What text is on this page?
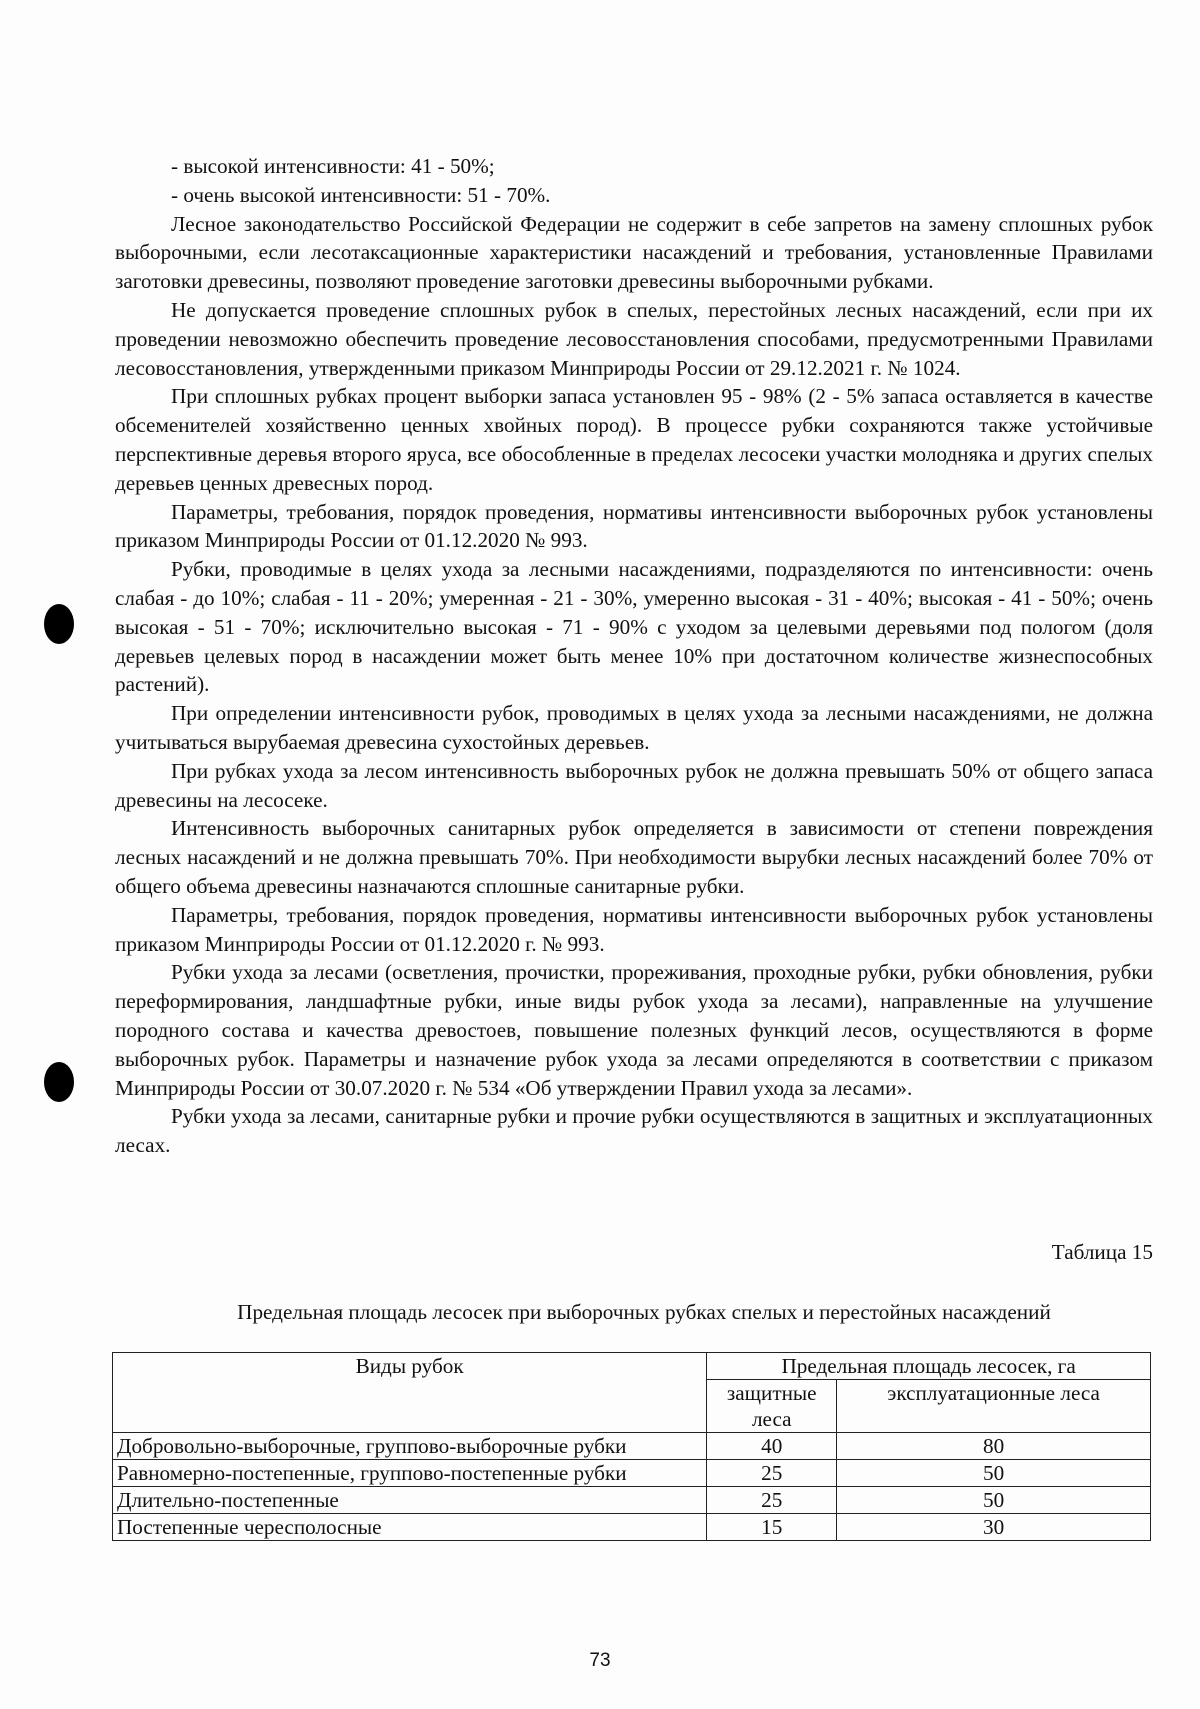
- высокой интенсивности: 41 - 50%;

- очень высокой интенсивности: 51 - 70%.

Лесное законодательство Российской Федерации не содержит в себе запретов на замену сплошных рубок выборочными, если лесотаксационные характеристики насаждений и требования, установленные Правилами заготовки древесины, позволяют проведение заготовки древесины выборочными рубками.

Не допускается проведение сплошных рубок в спелых, перестойных лесных насаждений, если при их проведении невозможно обеспечить проведение лесовосстановления способами, предусмотренными Правилами лесовосстановления, утвержденными приказом Минприроды России от 29.12.2021 г. № 1024.

При сплошных рубках процент выборки запаса установлен 95 - 98% (2 - 5% запаса оставляется в качестве обсеменителей хозяйственно ценных хвойных пород). В процессе рубки сохраняются также устойчивые перспективные деревья второго яруса, все обособленные в пределах лесосеки участки молодняка и других спелых деревьев ценных древесных пород.

Параметры, требования, порядок проведения, нормативы интенсивности выборочных рубок установлены приказом Минприроды России от 01.12.2020 № 993.

Рубки, проводимые в целях ухода за лесными насаждениями, подразделяются по интенсивности: очень слабая - до 10%; слабая - 11 - 20%; умеренная - 21 - 30%, умеренно высокая - 31 - 40%; высокая - 41 - 50%; очень высокая - 51 - 70%; исключительно высокая - 71 - 90% с уходом за целевыми деревьями под пологом (доля деревьев целевых пород в насаждении может быть менее 10% при достаточном количестве жизнеспособных растений).

При определении интенсивности рубок, проводимых в целях ухода за лесными насаждениями, не должна учитываться вырубаемая древесина сухостойных деревьев.

При рубках ухода за лесом интенсивность выборочных рубок не должна превышать 50% от общего запаса древесины на лесосеке.

Интенсивность выборочных санитарных рубок определяется в зависимости от степени повреждения лесных насаждений и не должна превышать 70%. При необходимости вырубки лесных насаждений более 70% от общего объема древесины назначаются сплошные санитарные рубки.

Параметры, требования, порядок проведения, нормативы интенсивности выборочных рубок установлены приказом Минприроды России от 01.12.2020 г. № 993.

Рубки ухода за лесами (осветления, прочистки, прореживания, проходные рубки, рубки обновления, рубки переформирования, ландшафтные рубки, иные виды рубок ухода за лесами), направленные на улучшение породного состава и качества древостоев, повышение полезных функций лесов, осуществляются в форме выборочных рубок. Параметры и назначение рубок ухода за лесами определяются в соответствии с приказом Минприроды России от 30.07.2020 г. № 534 «Об утверждении Правил ухода за лесами».

Рубки ухода за лесами, санитарные рубки и прочие рубки осуществляются в защитных и эксплуатационных лесах.

Таблица 15
Предельная площадь лесосек при выборочных рубках спелых и перестойных насаждений
Виды рубок	Предельная площадь лесосек, га	
	защитные леса	эксплуатационные леса
Добровольно-выборочные, группово-выборочные рубки	40	80
Равномерно-постепенные, группово-постепенные рубки	25	50
Длительно-постепенные	25	50
Постепенные чересполосные	15	30
73
